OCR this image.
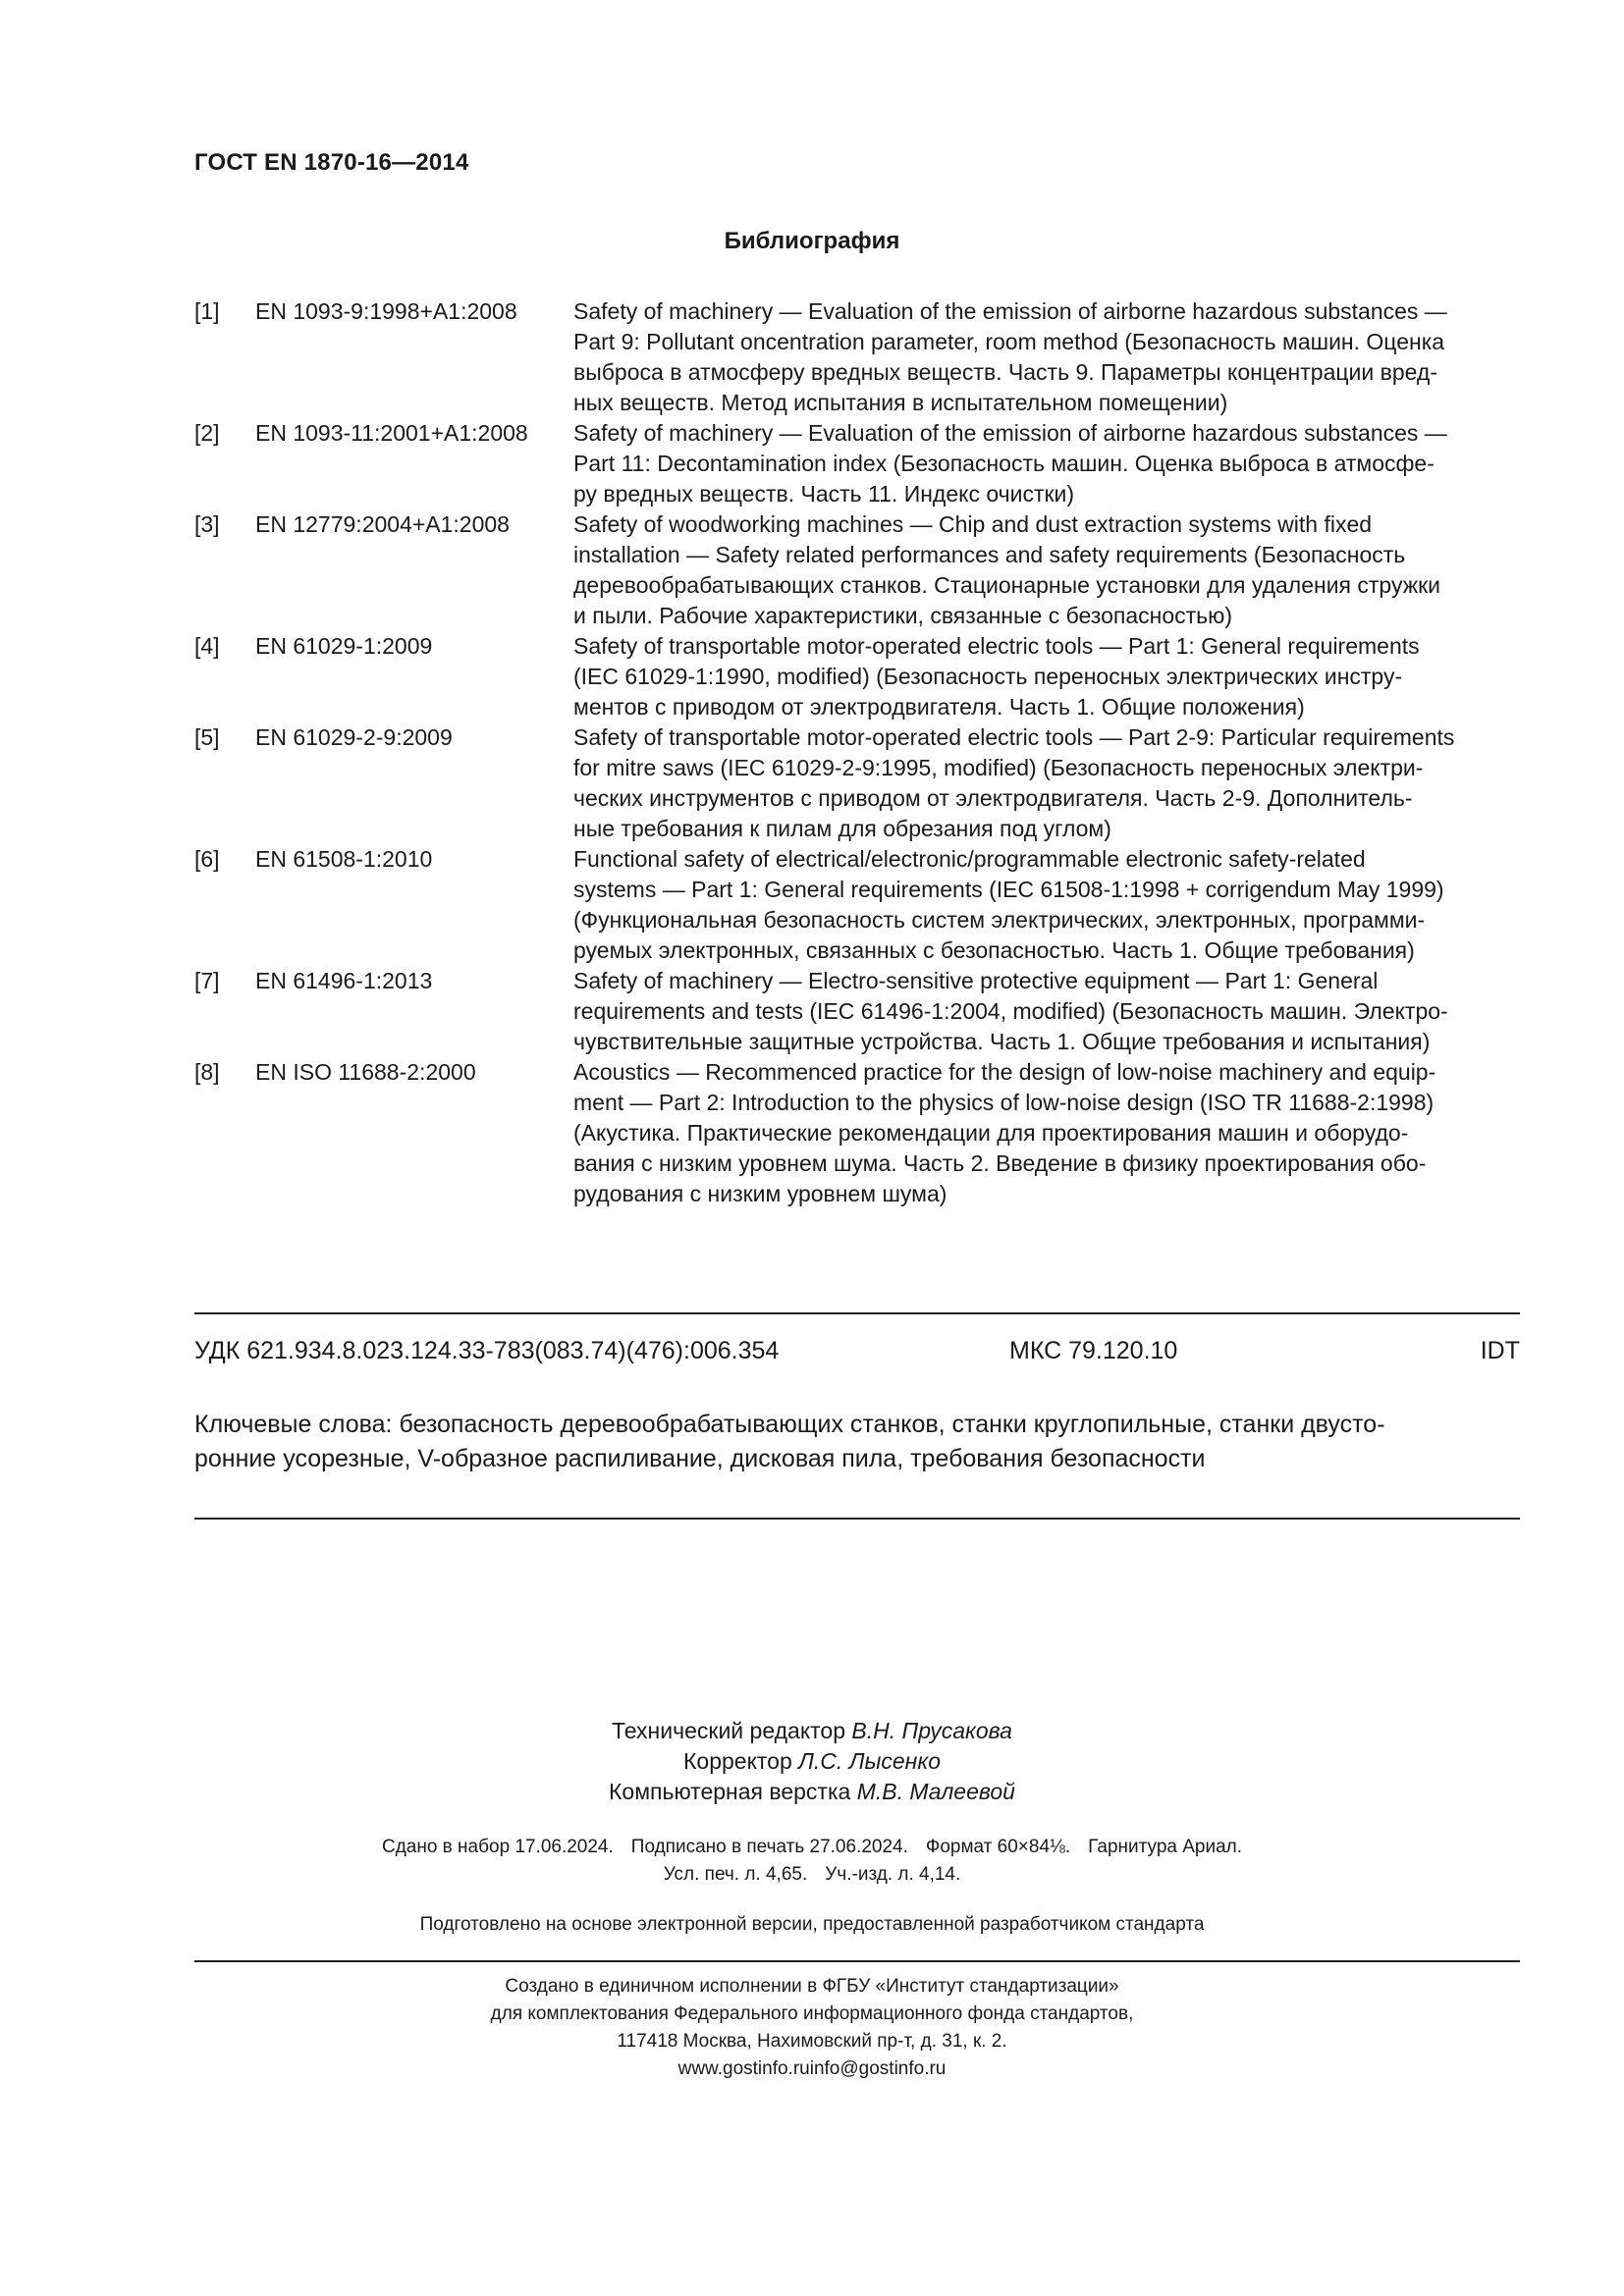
ГОСТ EN 1870-16—2014
Библиография
[1]	EN 1093-9:1998+A1:2008	Safety of machinery — Evaluation of the emission of airborne hazardous substances —
Part 9: Pollutant oncentration parameter, room method (Безопасность машин. Оценка
выброса в атмосферу вредных веществ. Часть 9. Параметры концентрации вред-
ных веществ. Метод испытания в испытательном помещении)
[2]	EN 1093-11:2001+A1:2008	Safety of machinery — Evaluation of the emission of airborne hazardous substances —
Part 11: Decontamination index (Безопасность машин. Оценка выброса в атмосфе-
ру вредных веществ. Часть 11. Индекс очистки)
[3]	EN 12779:2004+A1:2008	Safety of woodworking machines — Chip and dust extraction systems with fixed
installation — Safety related performances and safety requirements (Безопасность
деревообрабатывающих станков. Стационарные установки для удаления стружки
и пыли. Рабочие характеристики, связанные с безопасностью)
[4]	EN 61029-1:2009	Safety of transportable motor-operated electric tools — Part 1: General requirements
(IEC 61029-1:1990, modified) (Безопасность переносных электрических инстру-
ментов с приводом от электродвигателя. Часть 1. Общие положения)
[5]	EN 61029-2-9:2009	Safety of transportable motor-operated electric tools — Part 2-9: Particular requirements
for mitre saws (IEC 61029-2-9:1995, modified) (Безопасность переносных электри-
ческих инструментов с приводом от электродвигателя. Часть 2-9. Дополнитель-
ные требования к пилам для обрезания под углом)
[6]	EN 61508-1:2010	Functional safety of electrical/electronic/programmable electronic safety-related
systems — Part 1: General requirements (IEC 61508-1:1998 + corrigendum May 1999)
(Функциональная безопасность систем электрических, электронных, программи-
руемых электронных, связанных с безопасностью. Часть 1. Общие требования)
[7]	EN 61496-1:2013	Safety of machinery — Electro-sensitive protective equipment — Part 1: General
requirements and tests (IEC 61496-1:2004, modified) (Безопасность машин. Электро-
чувствительные защитные устройства. Часть 1. Общие требования и испытания)
[8]	EN ISO 11688-2:2000	Acoustics — Recommenced practice for the design of low-noise machinery and equip-
ment — Part 2: Introduction to the physics of low-noise design (ISO TR 11688-2:1998)
(Акустика. Практические рекомендации для проектирования машин и оборудо-
вания с низким уровнем шума. Часть 2. Введение в физику проектирования обо-
рудования с низким уровнем шума)
УДК 621.934.8.023.124.33-783(083.74)(476):006.354	МКС 79.120.10	IDT
Ключевые слова: безопасность деревообрабатывающих станков, станки круглопильные, станки двусто-
ронние усорезные, V-образное распиливание, дисковая пила, требования безопасности
Технический редактор В.Н. Прусакова
Корректор Л.С. Лысенко
Компьютерная верстка М.В. Малеевой
Сдано в набор 17.06.2024. Подписано в печать 27.06.2024. Формат 60×84⅛. Гарнитура Ариал.
Усл. печ. л. 4,65. Уч.-изд. л. 4,14.
Подготовлено на основе электронной версии, предоставленной разработчиком стандарта
Создано в единичном исполнении в ФГБУ «Институт стандартизации»
для комплектования Федерального информационного фонда стандартов,
117418 Москва, Нахимовский пр-т, д. 31, к. 2.
www.gostinfo.ruinfo@gostinfo.ru
